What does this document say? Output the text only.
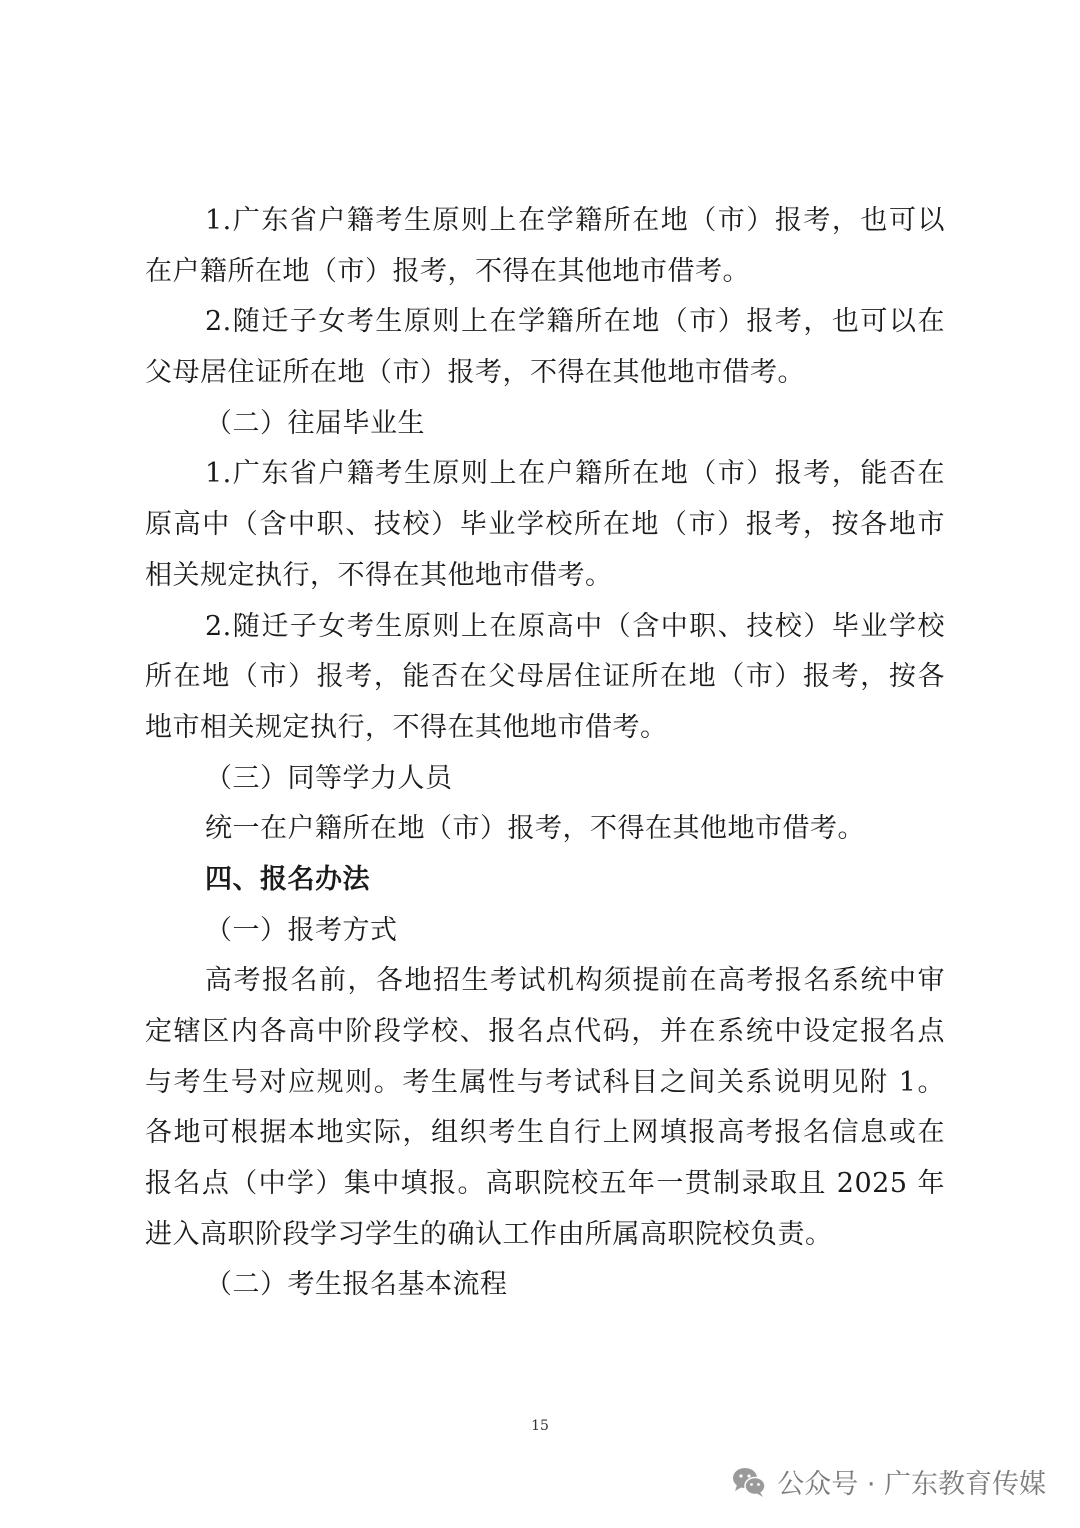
1.广东省户籍考生原则上在学籍所在地（市）报考，也可以
在户籍所在地（市）报考，不得在其他地市借考。
2.随迁子女考生原则上在学籍所在地（市）报考，也可以在
父母居住证所在地（市）报考，不得在其他地市借考。
（二）往届毕业生
1.广东省户籍考生原则上在户籍所在地（市）报考，能否在
原高中（含中职、技校）毕业学校所在地（市）报考，按各地市
相关规定执行，不得在其他地市借考。
2.随迁子女考生原则上在原高中（含中职、技校）毕业学校
所在地（市）报考，能否在父母居住证所在地（市）报考，按各
地市相关规定执行，不得在其他地市借考。
（三）同等学力人员
统一在户籍所在地（市）报考，不得在其他地市借考。
四、报名办法
（一）报考方式
高考报名前，各地招生考试机构须提前在高考报名系统中审
定辖区内各高中阶段学校、报名点代码，并在系统中设定报名点
与考生号对应规则。考生属性与考试科目之间关系说明见附 1。
各地可根据本地实际，组织考生自行上网填报高考报名信息或在
报名点（中学）集中填报。高职院校五年一贯制录取且 2025 年
进入高职阶段学习学生的确认工作由所属高职院校负责。
（二）考生报名基本流程
15
公众号 · 广东教育传媒
